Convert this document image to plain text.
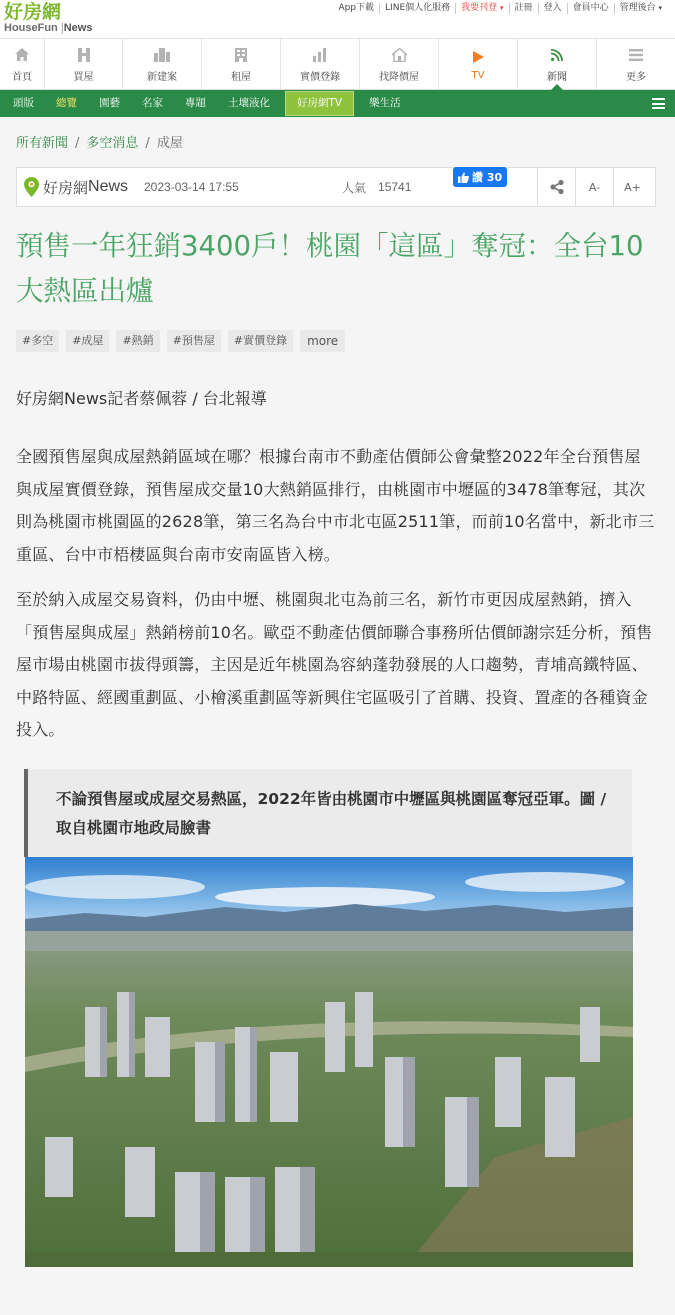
好房網
HouseFun |News
App下載	LINE個人化服務	我要刊登 ▾	註冊	登入	會員中心	管理後台 ▾
首頁	買屋	新建案	租屋	實價登錄	找降價屋	TV	新聞	更多
頭版	總覽	園藝	名家	專題	土壤液化	好房網TV	樂生活
所有新聞 / 多空消息 / 成屋
好房網 News 2023-03-14 17:55	人氣 15741
讚
30
A-	A+
預售一年狂銷3400戶！桃園「這區」奪冠：全台10大熱區出爐
#多空	#成屋	#熱銷	#預售屋	#實價登錄	more
好房網News記者蔡佩蓉 / 台北報導

全國預售屋與成屋熱銷區域在哪？根據台南市不動產估價師公會彙整2022年全台預售屋與成屋實價登錄，預售屋成交量10大熱銷區排行，由桃園市中壢區的3478筆奪冠，其次則為桃園市桃園區的2628筆，第三名為台中市北屯區2511筆，而前10名當中，新北市三重區、台中市梧棲區與台南市安南區皆入榜。

至於納入成屋交易資料，仍由中壢、桃園與北屯為前三名，新竹市更因成屋熱銷，擠入「預售屋與成屋」熱銷榜前10名。歐亞不動產估價師聯合事務所估價師謝宗廷分析，預售屋市場由桃園市拔得頭籌，主因是近年桃園為容納蓬勃發展的人口趨勢，青埔高鐵特區、中路特區、經國重劃區、小檜溪重劃區等新興住宅區吸引了首購、投資、置產的各種資金投入。

不論預售屋或成屋交易熱區，2022年皆由桃園市中壢區與桃園區奪冠亞軍。圖 / 取自桃園市地政局臉書
